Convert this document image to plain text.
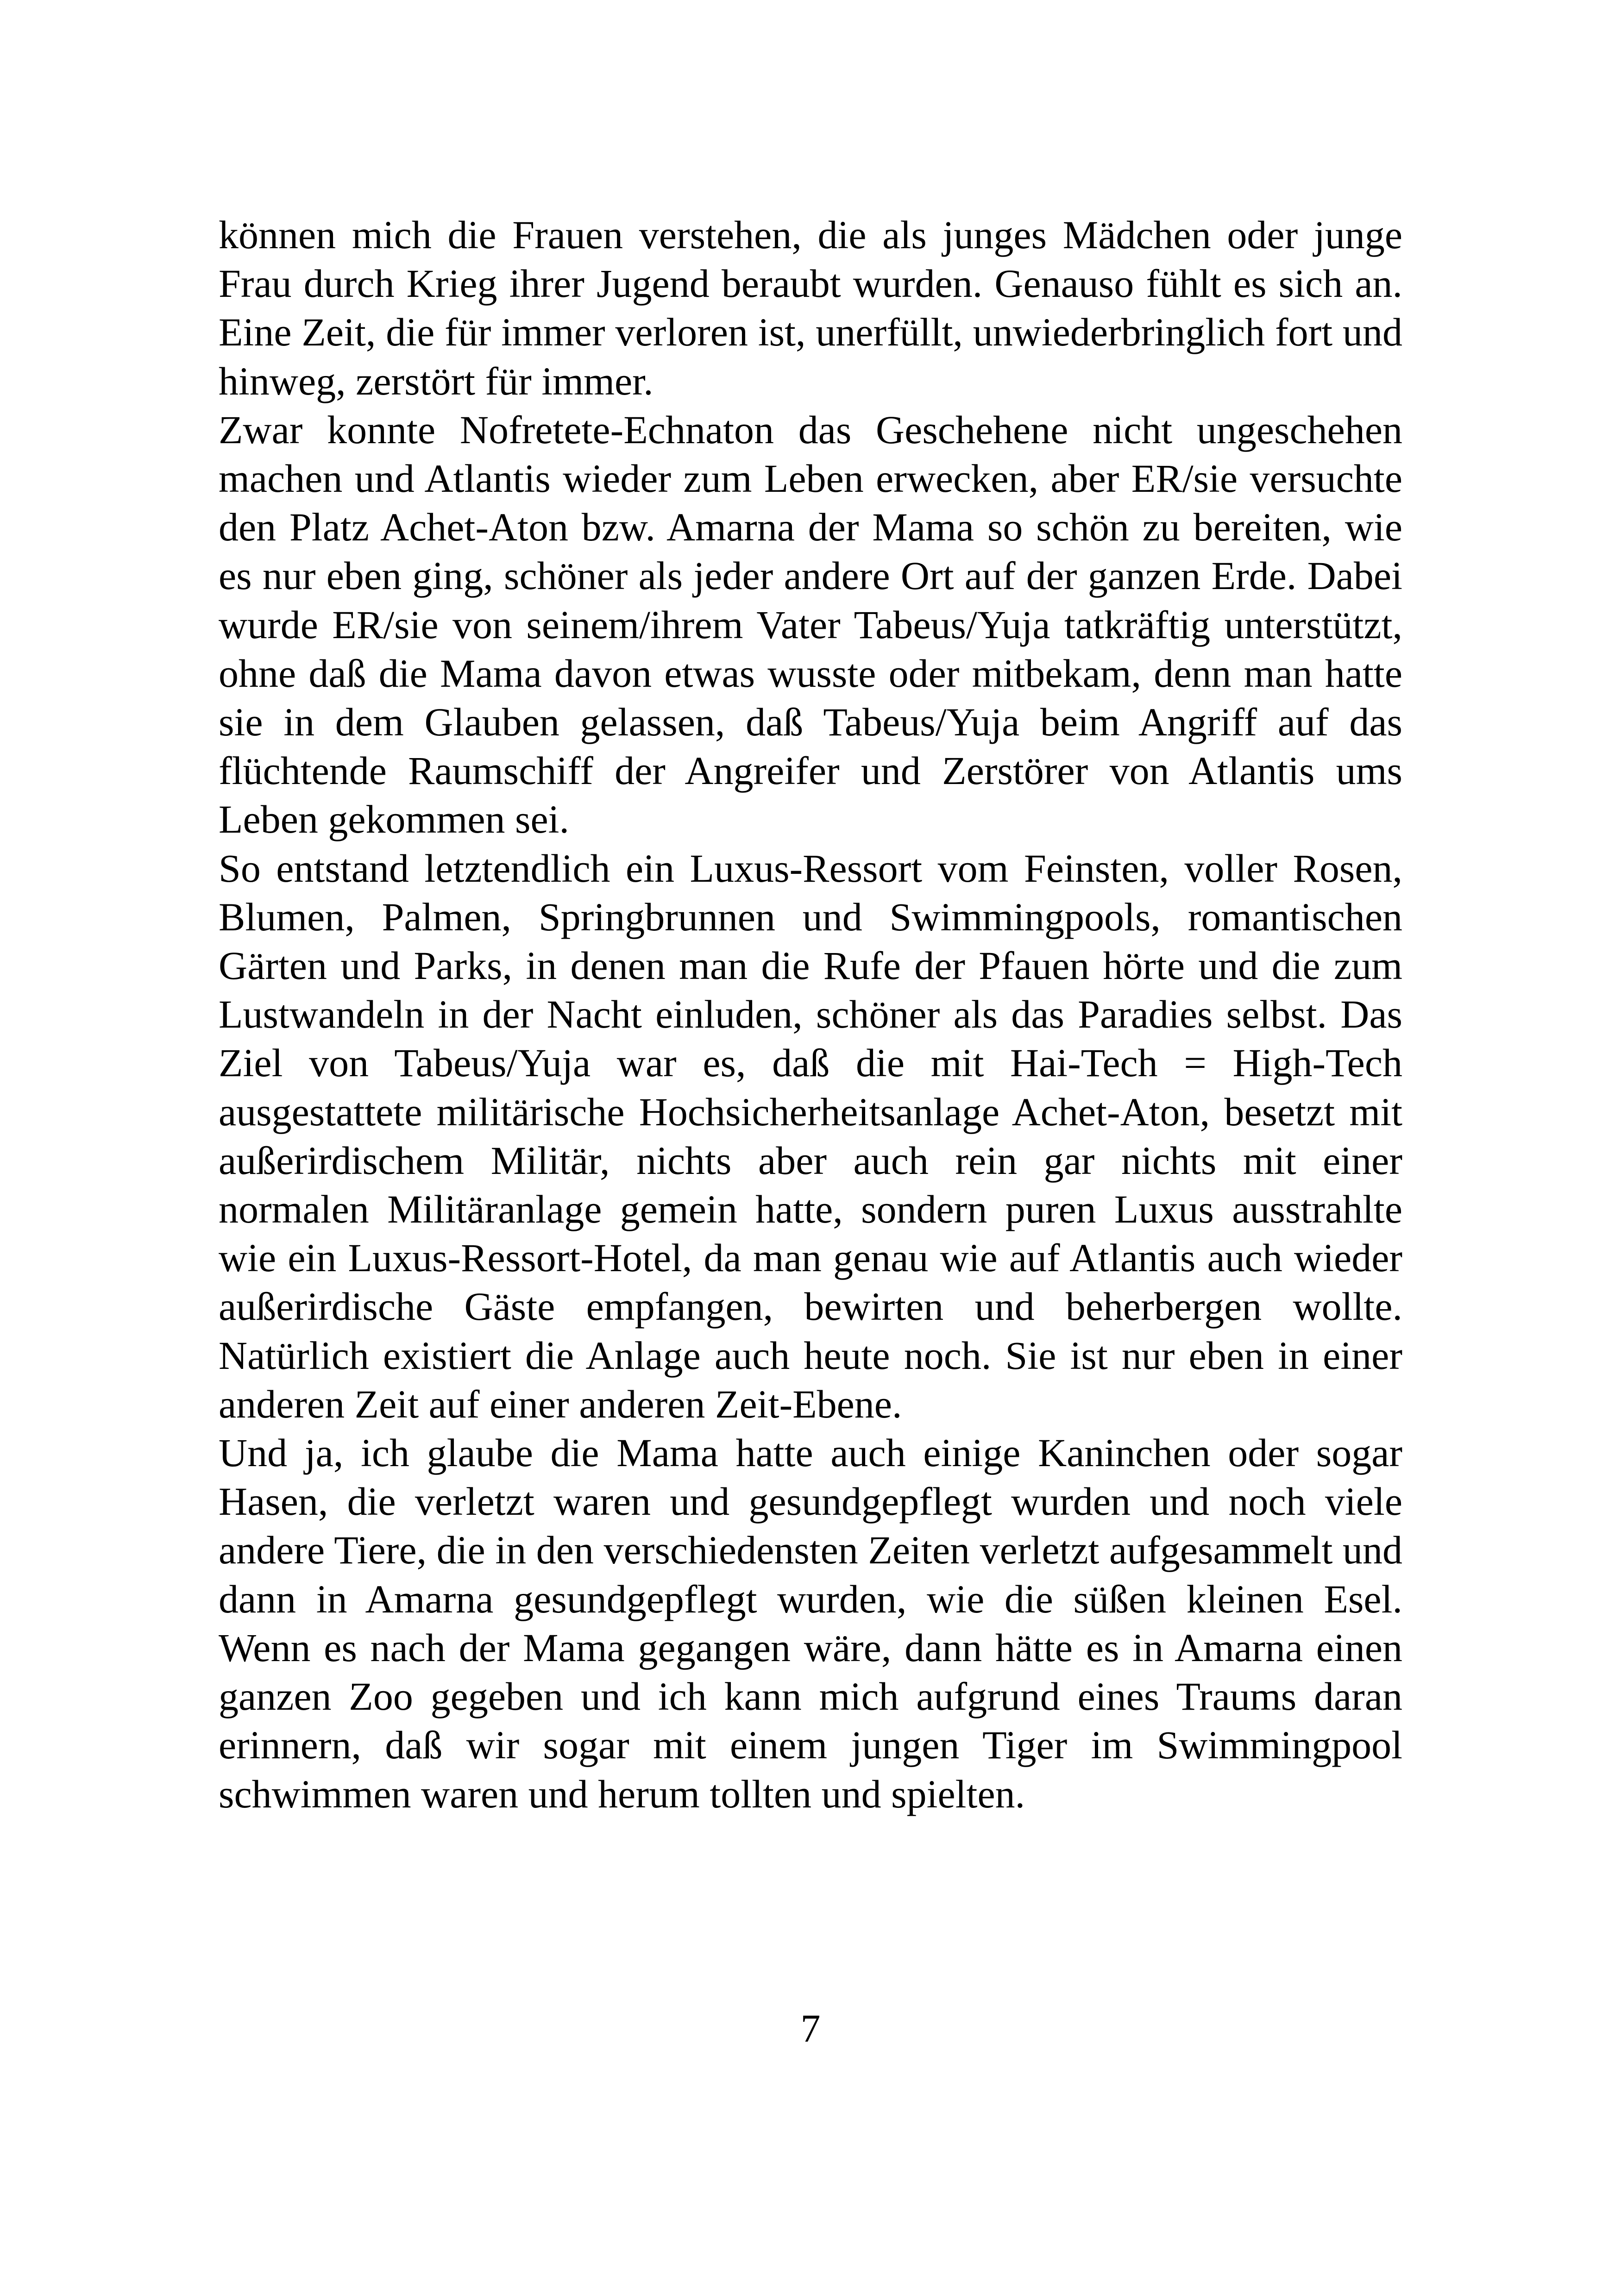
können mich die Frauen verstehen, die als junges Mädchen oder junge Frau durch Krieg ihrer Jugend beraubt wurden. Genauso fühlt es sich an. Eine Zeit, die für immer verloren ist, unerfüllt, unwiederbringlich fort und hinweg, zerstört für immer.

Zwar konnte Nofretete-Echnaton das Geschehene nicht ungeschehen machen und Atlantis wieder zum Leben erwecken, aber ER/sie versuchte den Platz Achet-Aton bzw. Amarna der Mama so schön zu bereiten, wie es nur eben ging, schöner als jeder andere Ort auf der ganzen Erde. Dabei wurde ER/sie von seinem/ihrem Vater Tabeus/Yuja tatkräftig unterstützt, ohne daß die Mama davon etwas wusste oder mitbekam, denn man hatte sie in dem Glauben gelassen, daß Tabeus/Yuja beim Angriff auf das flüchtende Raumschiff der Angreifer und Zerstörer von Atlantis ums Leben gekommen sei.

So entstand letztendlich ein Luxus-Ressort vom Feinsten, voller Rosen, Blumen, Palmen, Springbrunnen und Swimmingpools, romantischen Gärten und Parks, in denen man die Rufe der Pfauen hörte und die zum Lustwandeln in der Nacht einluden, schöner als das Paradies selbst. Das Ziel von Tabeus/Yuja war es, daß die mit Hai-Tech = High-Tech ausgestattete militärische Hochsicherheitsanlage Achet-Aton, besetzt mit außerirdischem Militär, nichts aber auch rein gar nichts mit einer normalen Militäranlage gemein hatte, sondern puren Luxus ausstrahlte wie ein Luxus-Ressort-Hotel, da man genau wie auf Atlantis auch wieder außerirdische Gäste empfangen, bewirten und beherbergen wollte. Natürlich existiert die Anlage auch heute noch. Sie ist nur eben in einer anderen Zeit auf einer anderen Zeit-Ebene.

Und ja, ich glaube die Mama hatte auch einige Kaninchen oder sogar Hasen, die verletzt waren und gesundgepflegt wurden und noch viele andere Tiere, die in den verschiedensten Zeiten verletzt aufgesammelt und dann in Amarna gesundgepflegt wurden, wie die süßen kleinen Esel. Wenn es nach der Mama gegangen wäre, dann hätte es in Amarna einen ganzen Zoo gegeben und ich kann mich aufgrund eines Traums daran erinnern, daß wir sogar mit einem jungen Tiger im Swimmingpool schwimmen waren und herum tollten und spielten.

7
